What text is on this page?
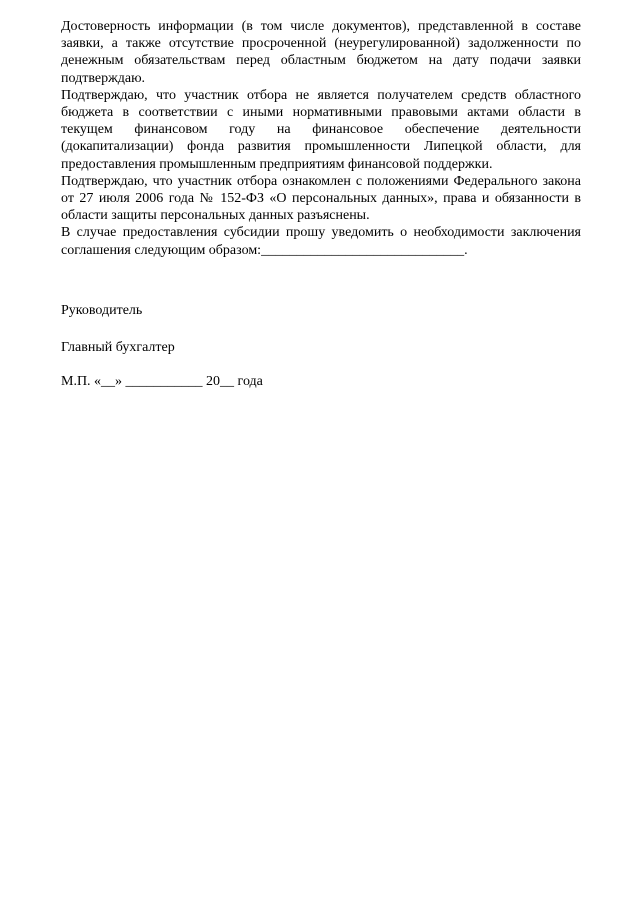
Достоверность информации (в том числе документов), представленной в составе заявки, а также отсутствие просроченной (неурегулированной) задолженности по денежным обязательствам перед областным бюджетом на дату подачи заявки подтверждаю.

Подтверждаю, что участник отбора не является получателем средств областного бюджета в соответствии с иными нормативными правовыми актами области в текущем финансовом году на финансовое обеспечение деятельности (докапитализации) фонда развития промышленности Липецкой области, для предоставления промышленным предприятиям финансовой поддержки.

Подтверждаю, что участник отбора ознакомлен с положениями Федерального закона от 27 июля 2006 года № 152-ФЗ «О персональных данных», права и обязанности в области защиты персональных данных разъяснены.

В случае предоставления субсидии прошу уведомить о необходимости заключения соглашения следующим образом:_____________________________.

Руководитель
Главный бухгалтер
М.П. «__» ___________ 20__ года
